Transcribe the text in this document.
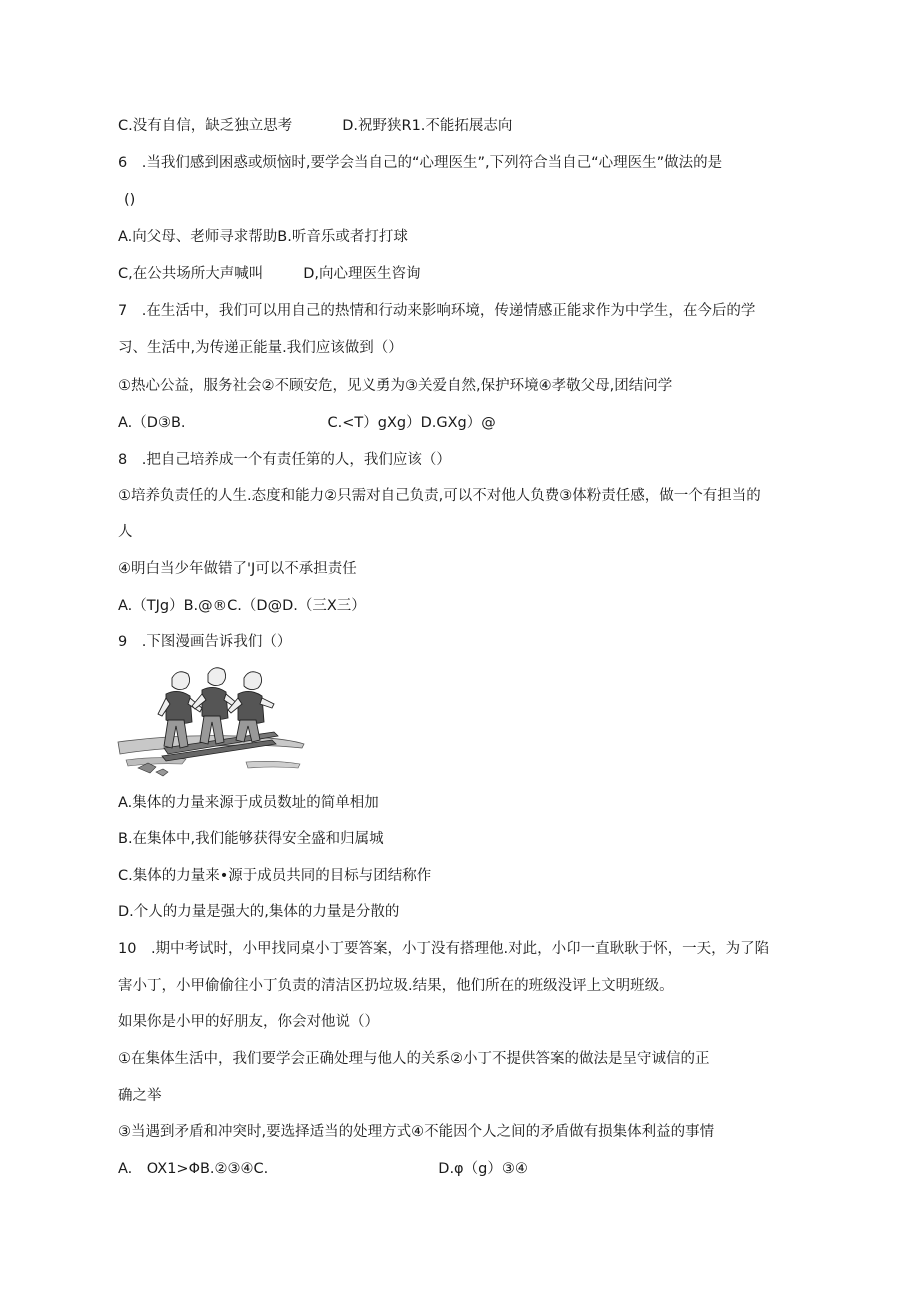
C.没有自信，缺乏独立思考	D.祝野狭R1.不能拓展志向
6　.当我们感到困惑或烦恼时,要学会当自己的“心理医生”,下列符合当自己“心理医生”做法的是
()
A.向父母、老师寻求帮助B.听音乐或者打打球
C,在公共场所大声喊叫	D,向心理医生咨询
7　.在生活中，我们可以用自己的热情和行动来影响环境，传递情感正能求作为中学生，在今后的学
习、生活中,为传递正能量.我们应该做到（）
①热心公益，服务社会②不顾安危，见义勇为③关爱自然,保护环境④孝敬父母,团结问学
A.（D③B.	C.<T）gXg）D.GXg）@
8　.把自己培养成一个有责任第的人，我们应该（）
①培养负责任的人生.态度和能力②只需对自己负责,可以不对他人负费③体粉责任感，做一个有担当的
人
④明白当少年做错了'J可以不承担责任
A.（TJg）B.@®C.（D@D.（三X三）
9　.下图漫画告诉我们（）
A.集体的力量来源于成员数址的简单相加
B.在集体中,我们能够获得安全盛和归属城
C.集体的力量来•源于成员共同的目标与团结称作
D.个人的力量是强大的,集体的力量是分散的
10　.期中考试时，小甲找同桌小丁要答案，小丁没有搭理他.对此，小卬一直耿耿于怀，一天，为了陷
害小丁，小甲偷偷往小丁负责的清洁区扔垃圾.结果，他们所在的班级没评上文明班级。
如果你是小甲的好朋友，你会对他说（）
①在集体生活中，我们要学会正确处理与他人的关系②小丁不提供答案的做法是呈守诚信的正
确之举
③当遇到矛盾和冲突时,要选择适当的处理方式④不能因个人之间的矛盾做有损集体利益的事情
A.　OX1>ΦB.②③④C.	D.φ（g）③④
